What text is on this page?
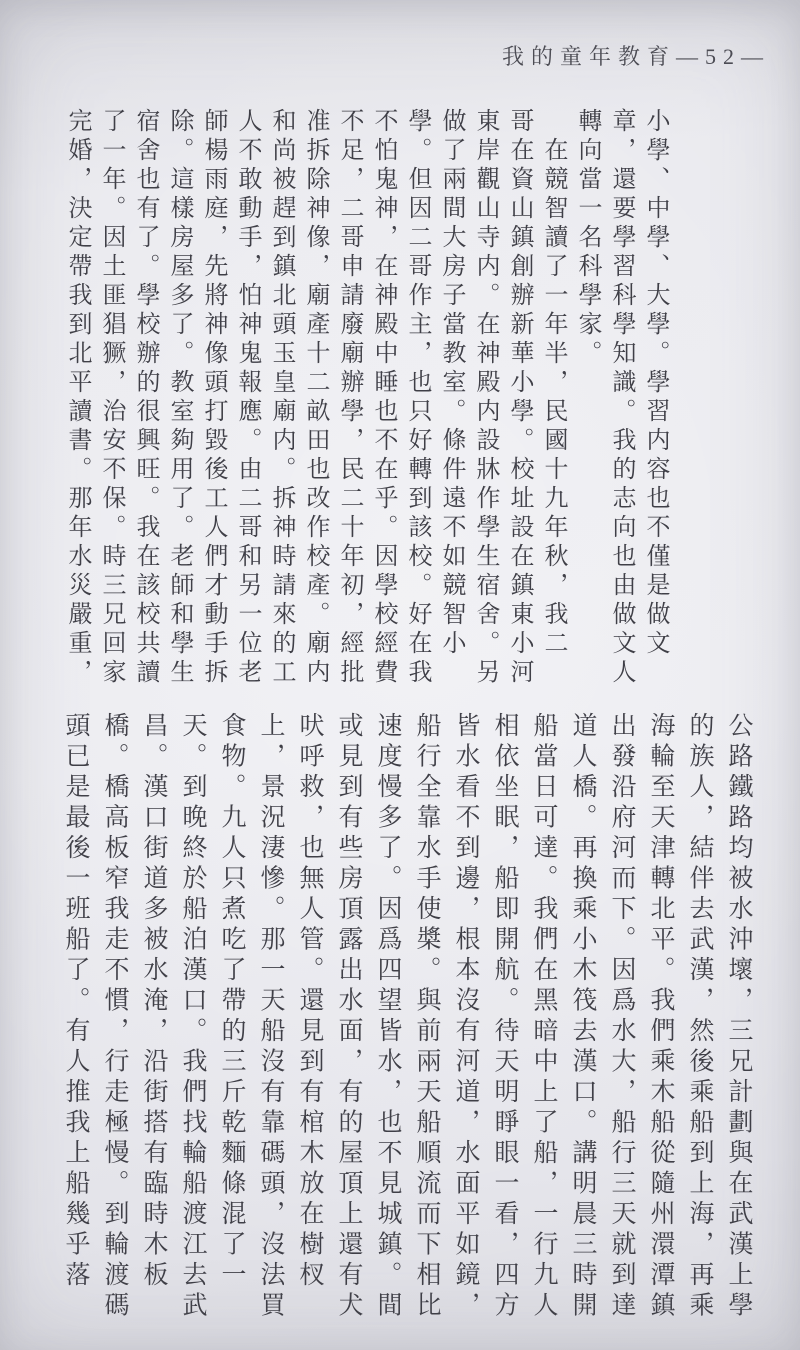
我的童年教育—52—
小學、中學、大學。學習内容也不僅是做文
章，還要學習科學知識。我的志向也由做文人
轉向當一名科學家。
　在競智讀了一年半，民國十九年秋，我二
哥在資山鎮創辦新華小學。校址設在鎮東小河
東岸觀山寺内。在神殿内設牀作學生宿舍。另
做了兩間大房子當教室。條件遠不如競智小
學。但因二哥作主，也只好轉到該校。好在我
不怕鬼神，在神殿中睡也不在乎。因學校經費
不足，二哥申請廢廟辦學，民二十年初，經批
准拆除神像，廟產十二畝田也改作校產。廟内
和尚被趕到鎮北頭玉皇廟内。拆神時請來的工
人不敢動手，怕神鬼報應。由二哥和另一位老
師楊雨庭，先將神像頭打毀後工人們才動手拆
除。這樣房屋多了。教室夠用了。老師和學生
宿舍也有了。學校辦的很興旺。我在該校共讀
了一年。因土匪猖獗，治安不保。時三兄回家
完婚，決定帶我到北平讀書。那年水災嚴重，
公路鐵路均被水沖壞，三兄計劃與在武漢上學
的族人，結伴去武漢，然後乘船到上海，再乘
海輪至天津轉北平。我們乘木船從隨州澴潭鎮
出發沿府河而下。因爲水大，船行三天就到達
道人橋。再換乘小木筏去漢口。講明晨三時開
船當日可達。我們在黑暗中上了船，一行九人
相依坐眠，船即開航。待天明睜眼一看，四方
皆水看不到邊，根本沒有河道，水面平如鏡，
船行全靠水手使槳。與前兩天船順流而下相比
速度慢多了。因爲四望皆水，也不見城鎮。間
或見到有些房頂露出水面，有的屋頂上還有犬
吠呼救，也無人管。還見到有棺木放在樹杈
上，景況淒慘。那一天船沒有靠碼頭，沒法買
食物。九人只煮吃了帶的三斤乾麵條混了一
天。到晚終於船泊漢口。我們找輪船渡江去武
昌。漢口街道多被水淹，沿街搭有臨時木板
橋。橋高板窄我走不慣，行走極慢。到輪渡碼
頭已是最後一班船了。有人推我上船幾乎落
